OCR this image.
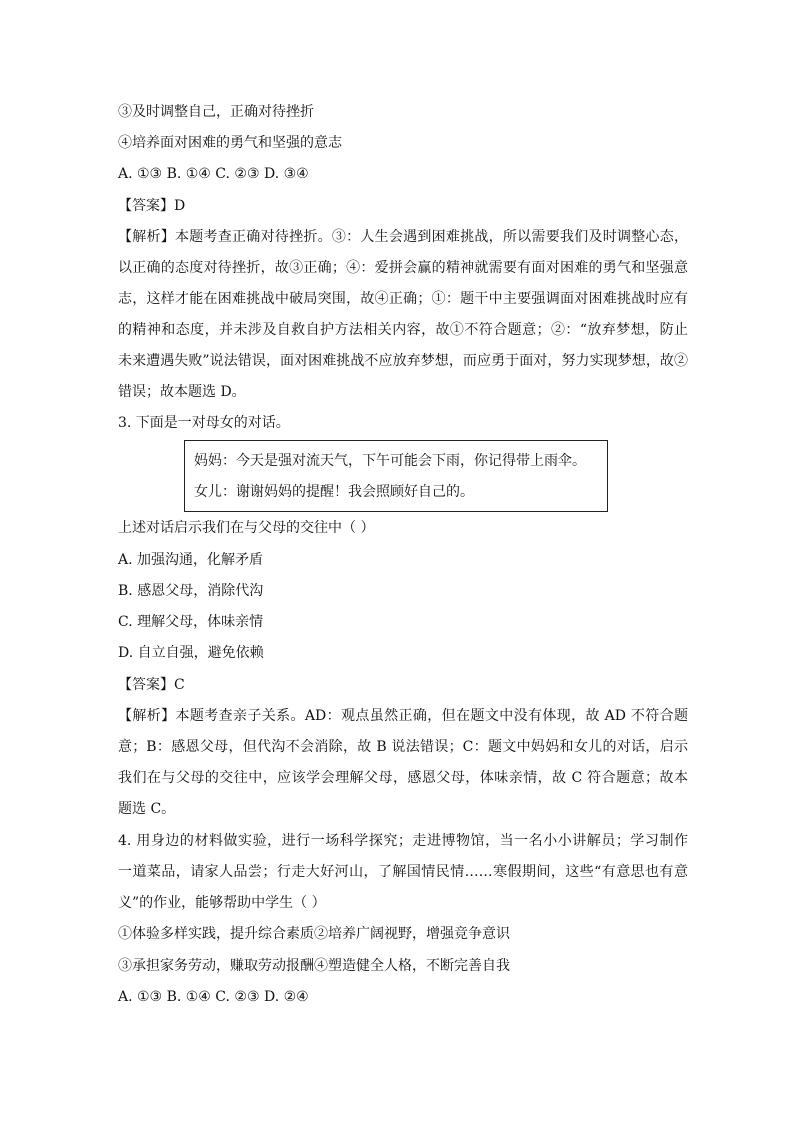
③及时调整自己，正确对待挫折
④培养面对困难的勇气和坚强的意志
A. ①③ B. ①④ C. ②③ D. ③④
【答案】D
【解析】本题考查正确对待挫折。③：人生会遇到困难挑战，所以需要我们及时调整心态，
以正确的态度对待挫折，故③正确；④：爱拼会赢的精神就需要有面对困难的勇气和坚强意
志，这样才能在困难挑战中破局突围，故④正确；①：题干中主要强调面对困难挑战时应有
的精神和态度，并未涉及自救自护方法相关内容，故①不符合题意；②：“放弃梦想，防止
未来遭遇失败”说法错误，面对困难挑战不应放弃梦想，而应勇于面对，努力实现梦想，故②
错误；故本题选 D。
3. 下面是一对母女的对话。
妈妈：今天是强对流天气，下午可能会下雨，你记得带上雨伞。
女儿：谢谢妈妈的提醒！我会照顾好自己的。
上述对话启示我们在与父母的交往中（ ）
A. 加强沟通，化解矛盾
B. 感恩父母，消除代沟
C. 理解父母，体味亲情
D. 自立自强，避免依赖
【答案】C
【解析】本题考查亲子关系。AD：观点虽然正确，但在题文中没有体现，故 AD 不符合题
意；B：感恩父母，但代沟不会消除，故 B 说法错误；C：题文中妈妈和女儿的对话，启示
我们在与父母的交往中，应该学会理解父母，感恩父母，体味亲情，故 C 符合题意；故本
题选 C。
4. 用身边的材料做实验，进行一场科学探究；走进博物馆，当一名小小讲解员；学习制作
一道菜品，请家人品尝；行走大好河山，了解国情民情……寒假期间，这些“有意思也有意
义”的作业，能够帮助中学生（ ）
①体验多样实践，提升综合素质②培养广阔视野，增强竞争意识
③承担家务劳动，赚取劳动报酬④塑造健全人格，不断完善自我
A. ①③ B. ①④ C. ②③ D. ②④
